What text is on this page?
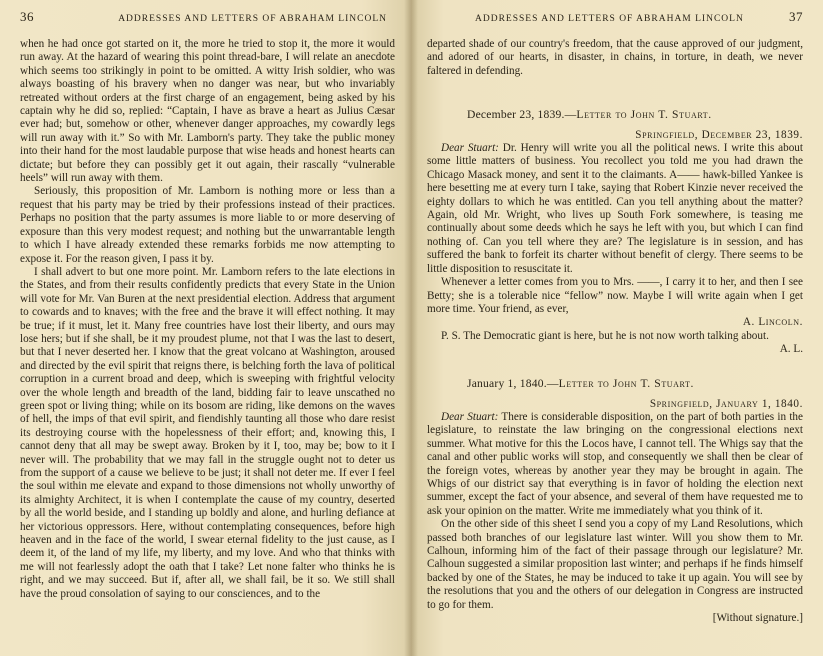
36	ADDRESSES AND LETTERS OF ABRAHAM LINCOLN

when he had once got started on it, the more he tried to stop it, the more it would run away. At the hazard of wearing this point thread-bare, I will relate an anecdote which seems too strikingly in point to be omitted. A witty Irish soldier, who was always boasting of his bravery when no danger was near, but who invariably retreated without orders at the first charge of an engagement, being asked by his captain why he did so, replied: “Captain, I have as brave a heart as Julius Cæsar ever had; but, somehow or other, whenever danger approaches, my cowardly legs will run away with it.” So with Mr. Lamborn's party. They take the public money into their hand for the most laudable purpose that wise heads and honest hearts can dictate; but before they can possibly get it out again, their rascally “vulnerable heels” will run away with them.

Seriously, this proposition of Mr. Lamborn is nothing more or less than a request that his party may be tried by their professions instead of their practices. Perhaps no position that the party assumes is more liable to or more deserving of exposure than this very modest request; and nothing but the unwarrantable length to which I have already extended these remarks forbids me now attempting to expose it. For the reason given, I pass it by.

I shall advert to but one more point. Mr. Lamborn refers to the late elections in the States, and from their results confidently predicts that every State in the Union will vote for Mr. Van Buren at the next presidential election. Address that argument to cowards and to knaves; with the free and the brave it will effect nothing. It may be true; if it must, let it. Many free countries have lost their liberty, and ours may lose hers; but if she shall, be it my proudest plume, not that I was the last to desert, but that I never deserted her. I know that the great volcano at Washington, aroused and directed by the evil spirit that reigns there, is belching forth the lava of political corruption in a current broad and deep, which is sweeping with frightful velocity over the whole length and breadth of the land, bidding fair to leave unscathed no green spot or living thing; while on its bosom are riding, like demons on the waves of hell, the imps of that evil spirit, and fiendishly taunting all those who dare resist its destroying course with the hopelessness of their effort; and, knowing this, I cannot deny that all may be swept away. Broken by it I, too, may be; bow to it I never will. The probability that we may fall in the struggle ought not to deter us from the support of a cause we believe to be just; it shall not deter me. If ever I feel the soul within me elevate and expand to those dimensions not wholly unworthy of its almighty Architect, it is when I contemplate the cause of my country, deserted by all the world beside, and I standing up boldly and alone, and hurling defiance at her victorious oppressors. Here, without contemplating consequences, before high heaven and in the face of the world, I swear eternal fidelity to the just cause, as I deem it, of the land of my life, my liberty, and my love. And who that thinks with me will not fearlessly adopt the oath that I take? Let none falter who thinks he is right, and we may succeed. But if, after all, we shall fail, be it so. We still shall have the proud consolation of saying to our consciences, and to the

ADDRESSES AND LETTERS OF ABRAHAM LINCOLN	37

departed shade of our country's freedom, that the cause approved of our judgment, and adored of our hearts, in disaster, in chains, in torture, in death, we never faltered in defending.

December 23, 1839.—Letter to John T. Stuart.

Springfield, December 23, 1839.

Dear Stuart: Dr. Henry will write you all the political news. I write this about some little matters of business. You recollect you told me you had drawn the Chicago Masack money, and sent it to the claimants. A—— hawk-billed Yankee is here besetting me at every turn I take, saying that Robert Kinzie never received the eighty dollars to which he was entitled. Can you tell anything about the matter? Again, old Mr. Wright, who lives up South Fork somewhere, is teasing me continually about some deeds which he says he left with you, but which I can find nothing of. Can you tell where they are? The legislature is in session, and has suffered the bank to forfeit its charter without benefit of clergy. There seems to be little disposition to resuscitate it.

Whenever a letter comes from you to Mrs. ——, I carry it to her, and then I see Betty; she is a tolerable nice “fellow” now. Maybe I will write again when I get more time. Your friend, as ever,

A. Lincoln.

P. S. The Democratic giant is here, but he is not now worth talking about.
A. L.

January 1, 1840.—Letter to John T. Stuart.

Springfield, January 1, 1840.

Dear Stuart: There is considerable disposition, on the part of both parties in the legislature, to reinstate the law bringing on the congressional elections next summer. What motive for this the Locos have, I cannot tell. The Whigs say that the canal and other public works will stop, and consequently we shall then be clear of the foreign votes, whereas by another year they may be brought in again. The Whigs of our district say that everything is in favor of holding the election next summer, except the fact of your absence, and several of them have requested me to ask your opinion on the matter. Write me immediately what you think of it.

On the other side of this sheet I send you a copy of my Land Resolutions, which passed both branches of our legislature last winter. Will you show them to Mr. Calhoun, informing him of the fact of their passage through our legislature? Mr. Calhoun suggested a similar proposition last winter; and perhaps if he finds himself backed by one of the States, he may be induced to take it up again. You will see by the resolutions that you and the others of our delegation in Congress are instructed to go for them.

[Without signature.]
